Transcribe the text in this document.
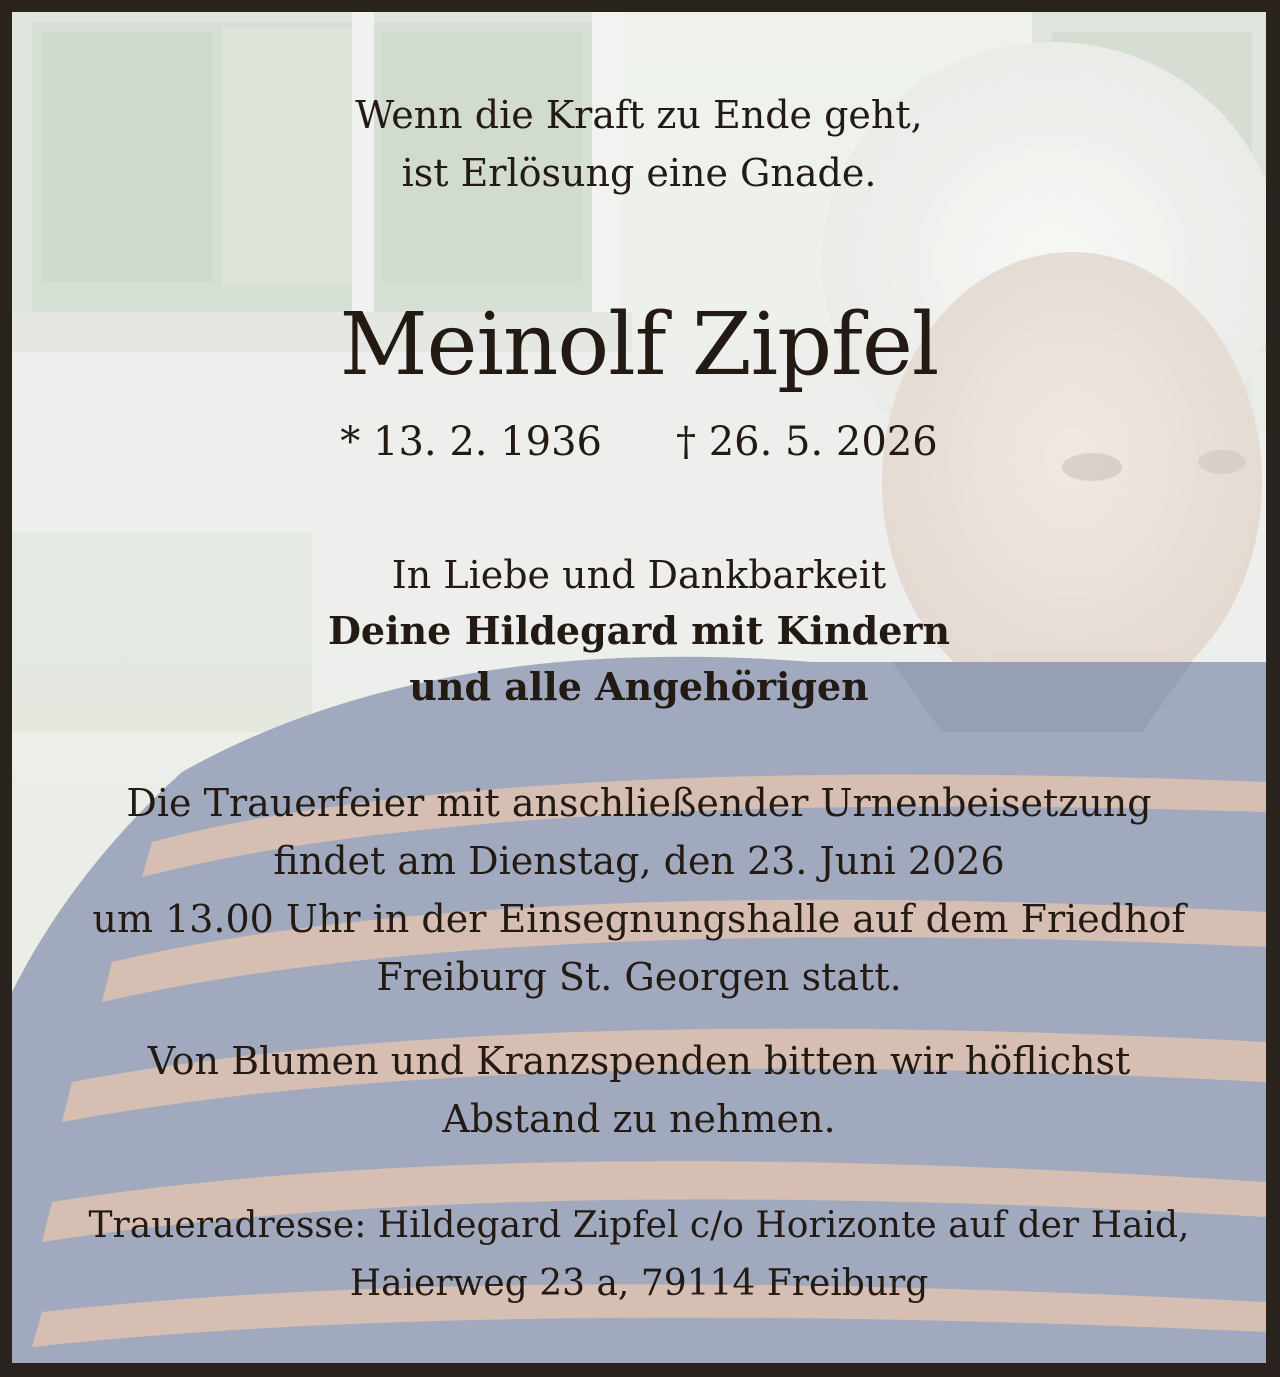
Wenn die Kraft zu Ende geht,
ist Erlösung eine Gnade.
Meinolf Zipfel
* 13. 2. 1936 † 26. 5. 2026
In Liebe und Dankbarkeit
Deine Hildegard mit Kindern
und alle Angehörigen
Die Trauerfeier mit anschließender Urnenbeisetzung
findet am Dienstag, den 23. Juni 2026
um 13.00 Uhr in der Einsegnungshalle auf dem Friedhof
Freiburg St. Georgen statt.
Von Blumen und Kranzspenden bitten wir höflichst
Abstand zu nehmen.
Traueradresse: Hildegard Zipfel c/o Horizonte auf der Haid,
Haierweg 23 a, 79114 Freiburg
